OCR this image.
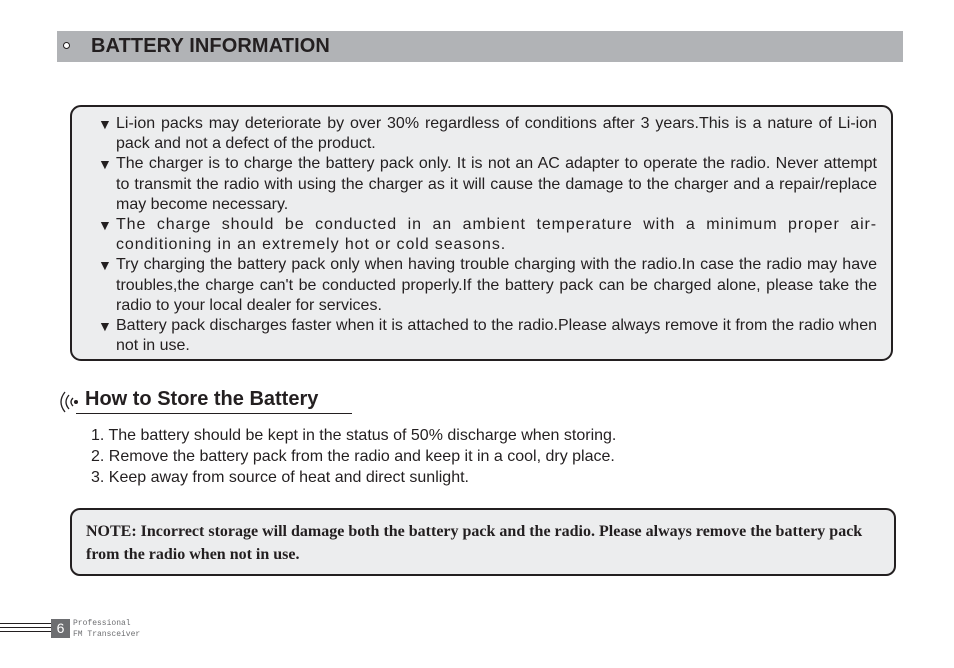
BATTERY INFORMATION
▼ Li-ion packs may deteriorate by over 30% regardless of conditions after 3 years.This is a nature of Li-ion pack and not a defect of the product.
▼ The charger is to charge the battery pack only. It is not an AC adapter to operate the radio. Never attempt to transmit the radio with using the charger as it will cause the damage to the charger and a repair/replace may become necessary.
▼ The charge should be conducted in an ambient temperature with a minimum proper air-conditioning in an extremely hot or cold seasons.
▼ Try charging the battery pack only when having trouble charging with the radio.In case the radio may have troubles,the charge can't be conducted properly.If the battery pack can be charged alone, please take the radio to your local dealer for services.
▼ Battery pack discharges faster when it is attached to the radio.Please always remove it from the radio when not in use.
How to Store the Battery
1. The battery should be kept in the status of 50% discharge when storing.
2. Remove the battery pack from the radio and keep it in a cool, dry place.
3. Keep away from source of heat and direct sunlight.

NOTE: Incorrect storage will damage both the battery pack and the radio. Please always remove the battery pack from the radio when not in use.

6	Professional
FM Transceiver
